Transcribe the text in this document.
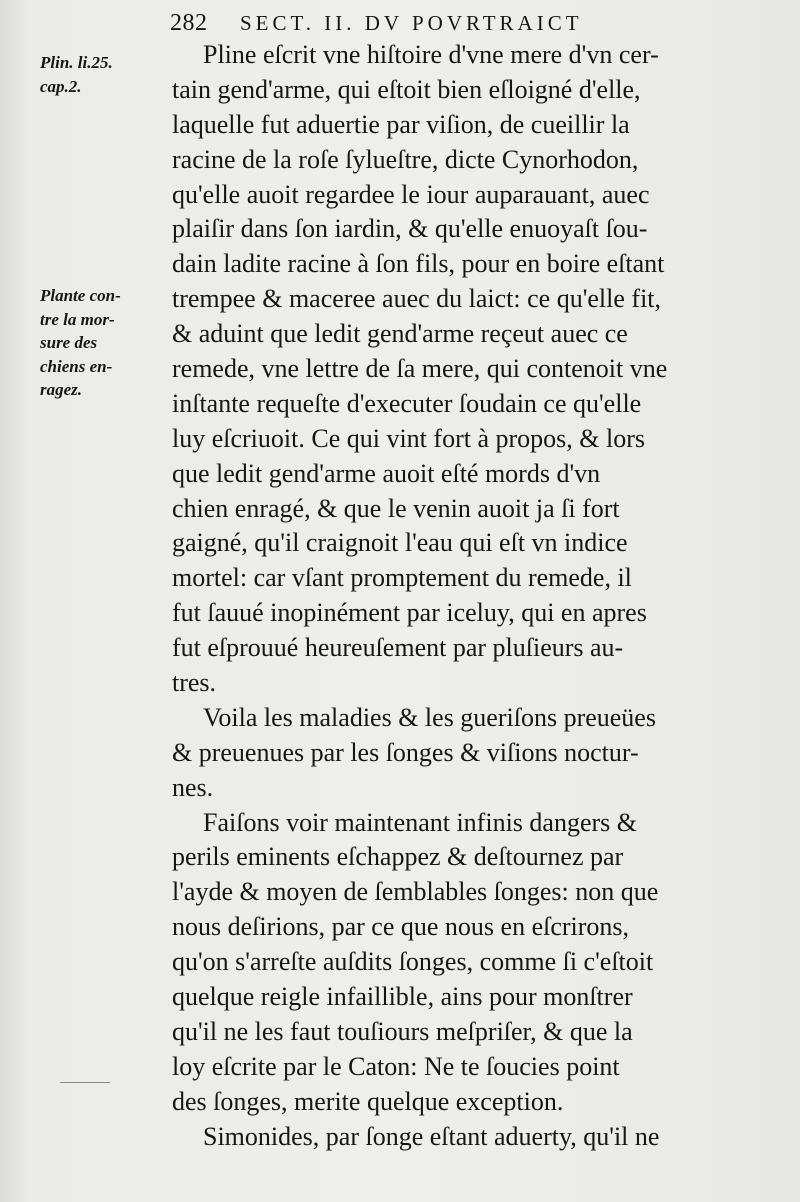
282 SECT. II. DV POVRTRAICT
Plin. li.25.
cap.2.
Plante con-
tre la mor-
sure des
chiens en-
ragez.
Pline eſcrit vne hiſtoire d'vne mere d'vn cer-
tain gend'arme, qui eſtoit bien eſloigné d'elle,
laquelle fut aduertie par viſion, de cueillir la
racine de la roſe ſylueſtre, dicte Cynorhodon,
qu'elle auoit regardee le iour auparauant, auec
plaiſir dans ſon iardin, & qu'elle enuoyaſt ſou-
dain ladite racine à ſon fils, pour en boire eſtant
trempee & maceree auec du laict: ce qu'elle fit,
& aduint que ledit gend'arme reçeut auec ce
remede, vne lettre de ſa mere, qui contenoit vne
inſtante requeſte d'executer ſoudain ce qu'elle
luy eſcriuoit. Ce qui vint fort à propos, & lors
que ledit gend'arme auoit eſté mords d'vn
chien enragé, & que le venin auoit ja ſi fort
gaigné, qu'il craignoit l'eau qui eſt vn indice
mortel: car vſant promptement du remede, il
fut ſauué inopinément par iceluy, qui en apres
fut eſprouué heureuſement par pluſieurs au-
tres.
Voila les maladies & les gueriſons preueües
& preuenues par les ſonges & viſions noctur-
nes.
Faiſons voir maintenant infinis dangers &
perils eminents eſchappez & deſtournez par
l'ayde & moyen de ſemblables ſonges: non que
nous deſirions, par ce que nous en eſcrirons,
qu'on s'arreſte auſdits ſonges, comme ſi c'eſtoit
quelque reigle infaillible, ains pour monſtrer
qu'il ne les faut touſiours meſpriſer, & que la
loy eſcrite par le Caton: Ne te ſoucies point
des ſonges, merite quelque exception.
Simonides, par ſonge eſtant aduerty, qu'il ne
